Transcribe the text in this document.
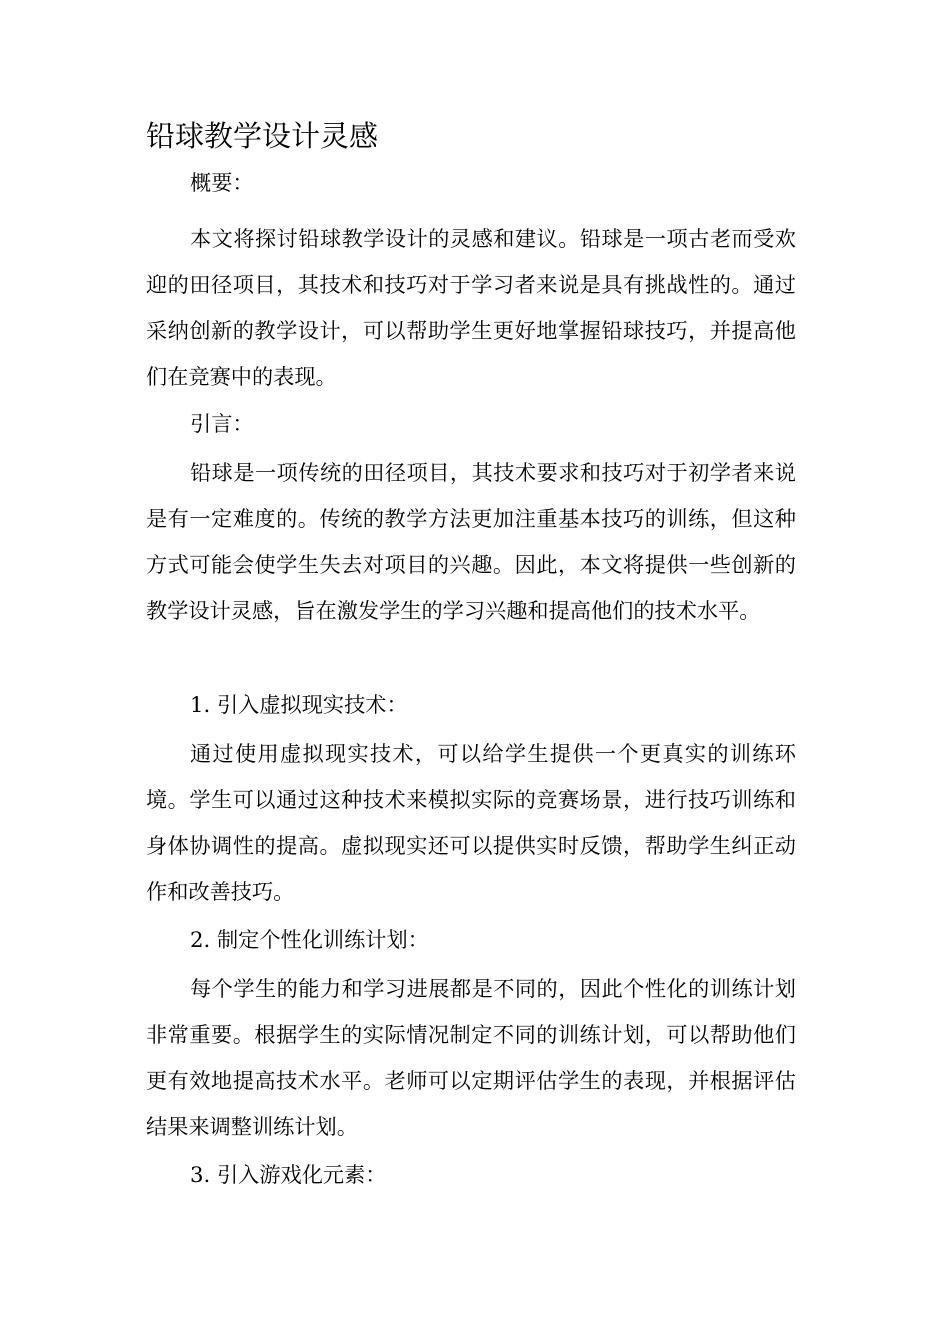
铅球教学设计灵感

概要：

本文将探讨铅球教学设计的灵感和建议。铅球是一项古老而受欢迎的田径项目，其技术和技巧对于学习者来说是具有挑战性的。通过采纳创新的教学设计，可以帮助学生更好地掌握铅球技巧，并提高他们在竞赛中的表现。

引言：

铅球是一项传统的田径项目，其技术要求和技巧对于初学者来说是有一定难度的。传统的教学方法更加注重基本技巧的训练，但这种方式可能会使学生失去对项目的兴趣。因此，本文将提供一些创新的教学设计灵感，旨在激发学生的学习兴趣和提高他们的技术水平。

1. 引入虚拟现实技术：

通过使用虚拟现实技术，可以给学生提供一个更真实的训练环境。学生可以通过这种技术来模拟实际的竞赛场景，进行技巧训练和身体协调性的提高。虚拟现实还可以提供实时反馈，帮助学生纠正动作和改善技巧。

2. 制定个性化训练计划：

每个学生的能力和学习进展都是不同的，因此个性化的训练计划非常重要。根据学生的实际情况制定不同的训练计划，可以帮助他们更有效地提高技术水平。老师可以定期评估学生的表现，并根据评估结果来调整训练计划。

3. 引入游戏化元素：
